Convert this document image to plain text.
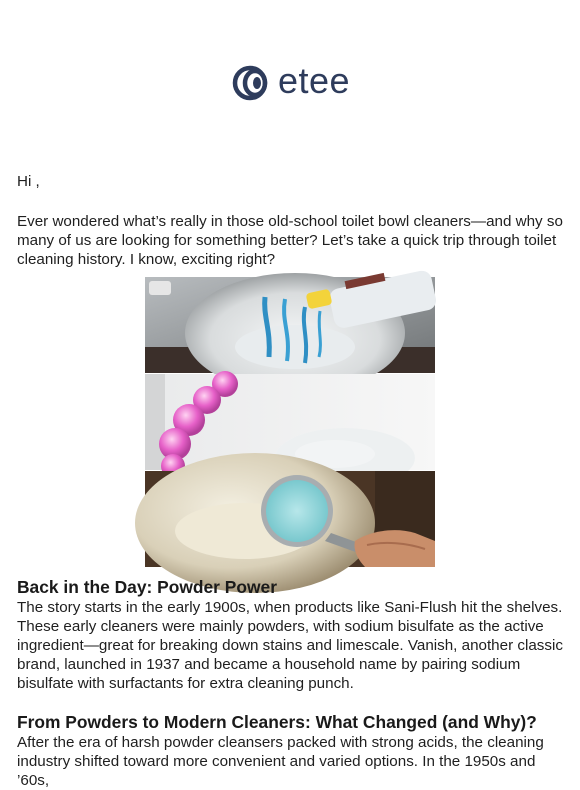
etee

Hi ,

Ever wondered what’s really in those old-school toilet bowl cleaners—and why so many of us are looking for something better? Let’s take a quick trip through toilet cleaning history. I know, exciting right?

Back in the Day: Powder Power

The story starts in the early 1900s, when products like Sani-Flush hit the shelves. These early cleaners were mainly powders, with sodium bisulfate as the active ingredient—great for breaking down stains and limescale. Vanish, another classic brand, launched in 1937 and became a household name by pairing sodium bisulfate with surfactants for extra cleaning punch.

From Powders to Modern Cleaners: What Changed (and Why)?

After the era of harsh powder cleansers packed with strong acids, the cleaning industry shifted toward more convenient and varied options. In the 1950s and ’60s,
